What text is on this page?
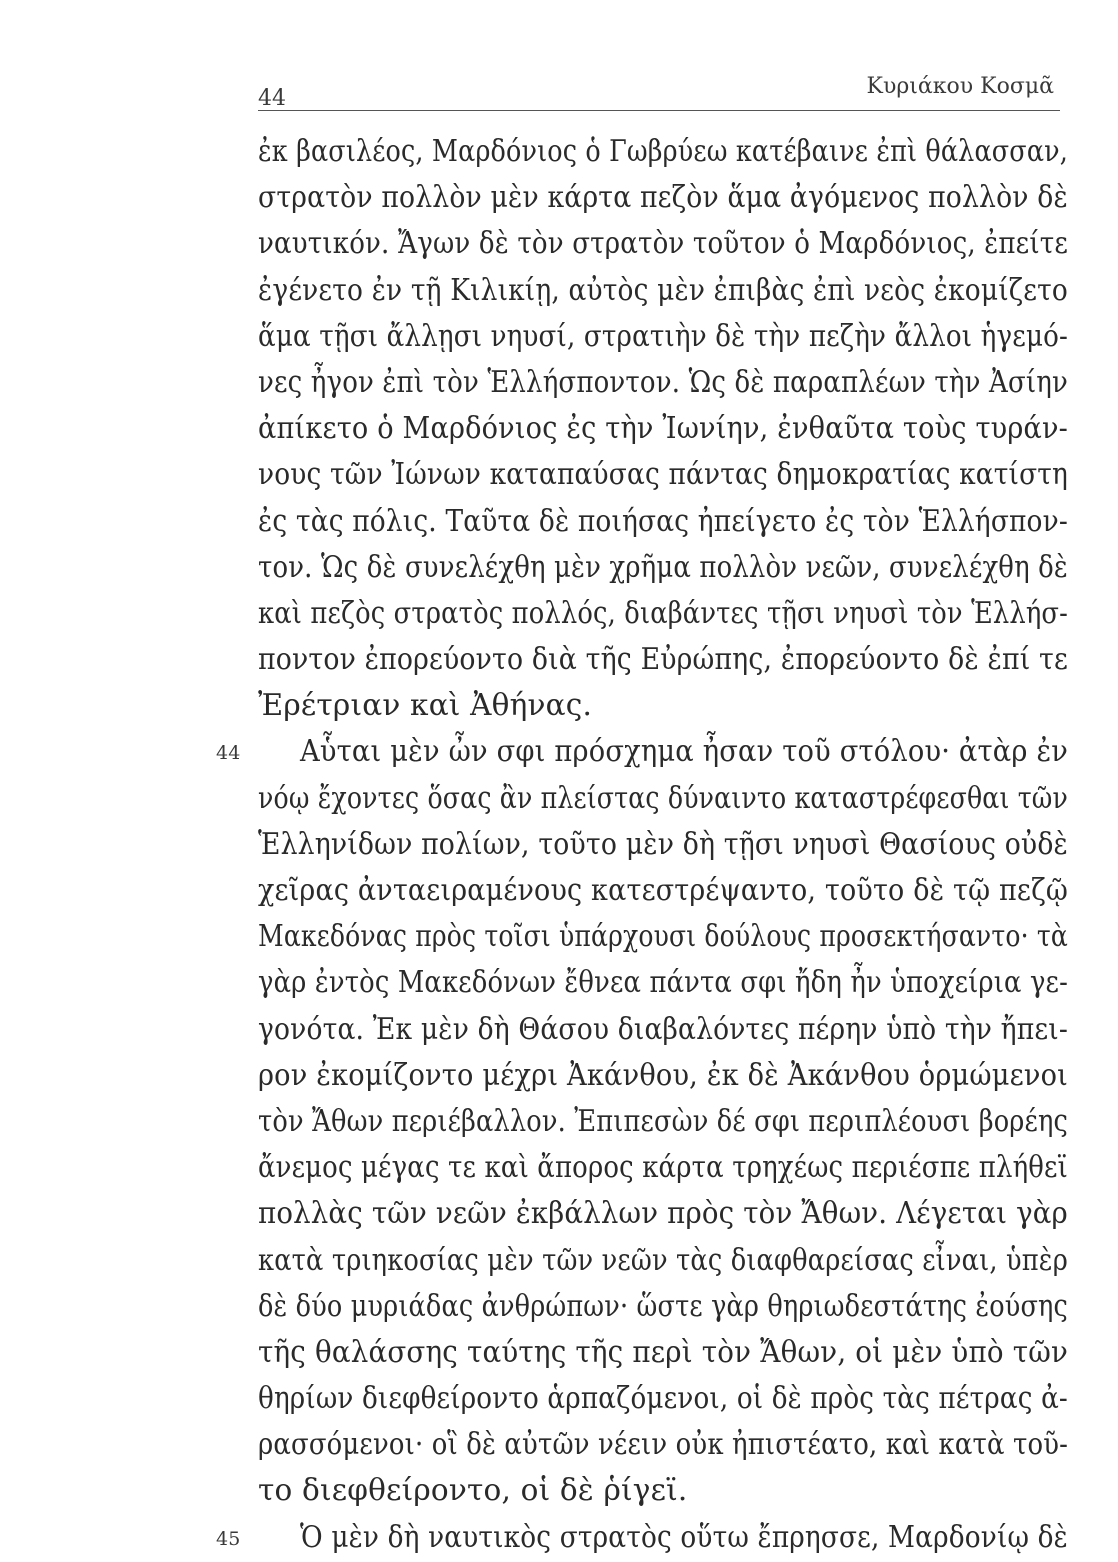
44	Κυριάκου Κοσμᾶ
ἐκ βασιλέος, Μαρδόνιος ὁ Γωβρύεω κατέβαινε ἐπὶ θάλασσαν,
στρατὸν πολλὸν μὲν κάρτα πεζὸν ἅμα ἀγόμενος πολλὸν δὲ
ναυτικόν. Ἄγων δὲ τὸν στρατὸν τοῦτον ὁ Μαρδόνιος, ἐπείτε
ἐγένετο ἐν τῇ Κιλικίῃ, αὐτὸς μὲν ἐπιβὰς ἐπὶ νεὸς ἐκομίζετο
ἅμα τῇσι ἄλλῃσι νηυσί, στρατιὴν δὲ τὴν πεζὴν ἄλλοι ἡγεμό-
νες ἦγον ἐπὶ τὸν Ἑλλήσποντον. Ὡς δὲ παραπλέων τὴν Ἀσίην
ἀπίκετο ὁ Μαρδόνιος ἐς τὴν Ἰωνίην, ἐνθαῦτα τοὺς τυράν-
νους τῶν Ἰώνων καταπαύσας πάντας δημοκρατίας κατίστη
ἐς τὰς πόλις. Ταῦτα δὲ ποιήσας ἠπείγετο ἐς τὸν Ἑλλήσπον-
τον. Ὡς δὲ συνελέχθη μὲν χρῆμα πολλὸν νεῶν, συνελέχθη δὲ
καὶ πεζὸς στρατὸς πολλός, διαβάντες τῇσι νηυσὶ τὸν Ἑλλήσ-
ποντον ἐπορεύοντο διὰ τῆς Εὐρώπης, ἐπορεύοντο δὲ ἐπί τε
Ἐρέτριαν καὶ Ἀθήνας.
44 Αὗται μὲν ὦν σφι πρόσχημα ἦσαν τοῦ στόλου· ἀτὰρ ἐν
νόῳ ἔχοντες ὅσας ἂν πλείστας δύναιντο καταστρέφεσθαι τῶν
Ἑλληνίδων πολίων, τοῦτο μὲν δὴ τῇσι νηυσὶ Θασίους οὐδὲ
χεῖρας ἀνταειραμένους κατεστρέψαντο, τοῦτο δὲ τῷ πεζῷ
Μακεδόνας πρὸς τοῖσι ὑπάρχουσι δούλους προσεκτήσαντο· τὰ
γὰρ ἐντὸς Μακεδόνων ἔθνεα πάντα σφι ἤδη ἦν ὑποχείρια γε-
γονότα. Ἐκ μὲν δὴ Θάσου διαβαλόντες πέρην ὑπὸ τὴν ἤπει-
ρον ἐκομίζοντο μέχρι Ἀκάνθου, ἐκ δὲ Ἀκάνθου ὁρμώμενοι
τὸν Ἄθων περιέβαλλον. Ἐπιπεσὼν δέ σφι περιπλέουσι βορέης
ἄνεμος μέγας τε καὶ ἄπορος κάρτα τρηχέως περιέσπε πλήθεϊ
πολλὰς τῶν νεῶν ἐκβάλλων πρὸς τὸν Ἄθων. Λέγεται γὰρ
κατὰ τριηκοσίας μὲν τῶν νεῶν τὰς διαφθαρείσας εἶναι, ὑπὲρ
δὲ δύο μυριάδας ἀνθρώπων· ὥστε γὰρ θηριωδεστάτης ἐούσης
τῆς θαλάσσης ταύτης τῆς περὶ τὸν Ἄθων, οἱ μὲν ὑπὸ τῶν
θηρίων διεφθείροντο ἁρπαζόμενοι, οἱ δὲ πρὸς τὰς πέτρας ἀ-
ρασσόμενοι· οἳ δὲ αὐτῶν νέειν οὐκ ἠπιστέατο, καὶ κατὰ τοῦ-
το διεφθείροντο, οἱ δὲ ῥίγεϊ.
45 Ὁ μὲν δὴ ναυτικὸς στρατὸς οὕτω ἔπρησσε, Μαρδονίῳ δὲ
